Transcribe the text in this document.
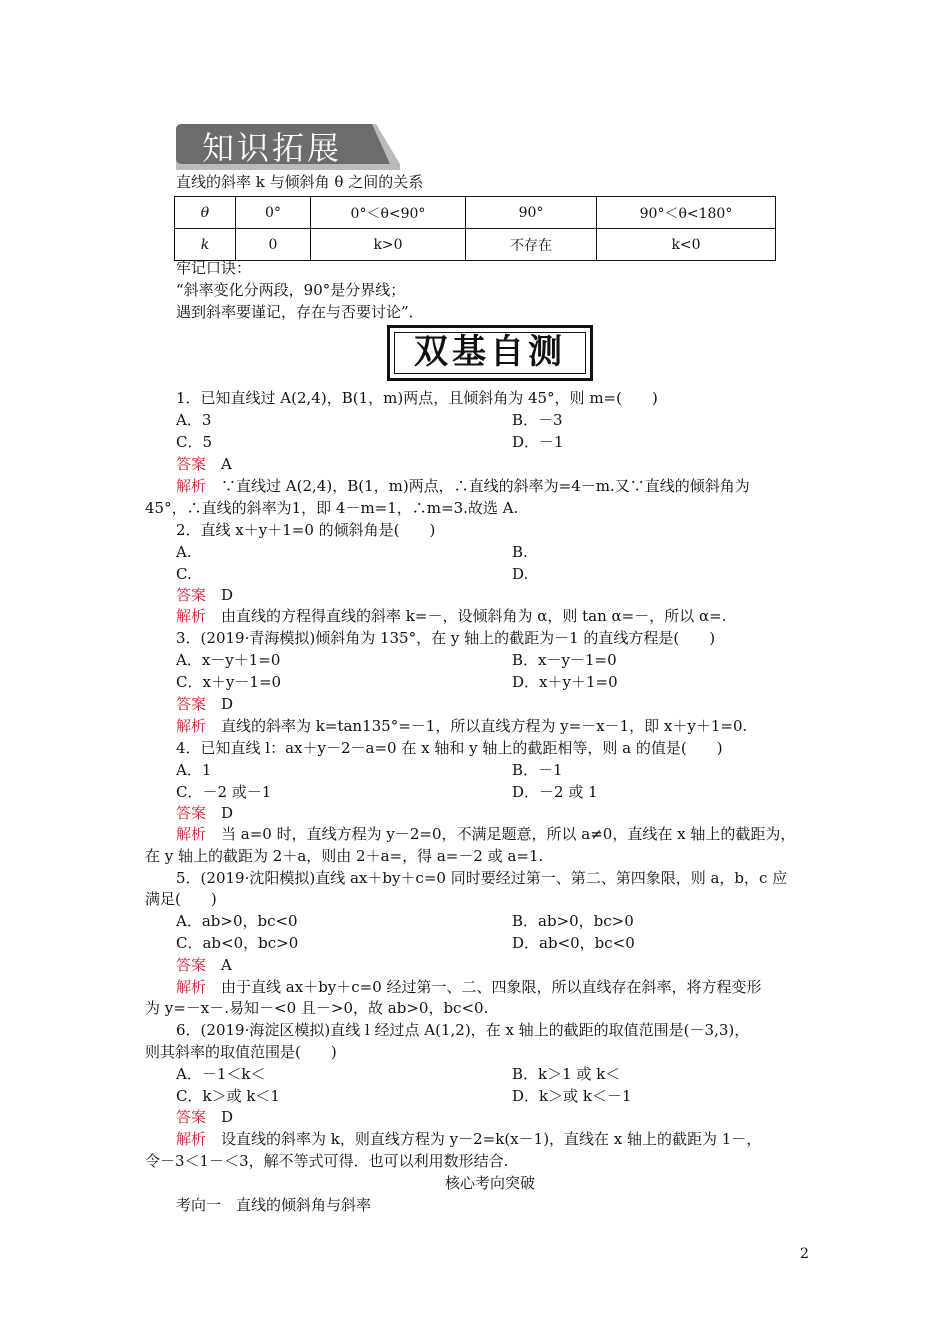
知识拓展
直线的斜率 k 与倾斜角 θ 之间的关系
θ	0°	0°＜θ<90°	90°	90°＜θ<180°
k	0	k>0	不存在	k<0
牢记口诀：
“斜率变化分两段，90°是分界线；
遇到斜率要谨记，存在与否要讨论”．
双基自测
1．已知直线过 A(2,4)，B(1，m)两点，且倾斜角为 45°，则 m=(　　)
A．3	B．－3
C．5	D．－1
答案　 A
解析　 ∵直线过 A(2,4)，B(1，m)两点，∴直线的斜率为=4－m.又∵直线的倾斜角为
45°，∴直线的斜率为1，即 4－m=1，∴m=3.故选 A.
2．直线 x＋y＋1=0 的倾斜角是(　　)
A.	B.
C.	D.
答案　 D
解析　 由直线的方程得直线的斜率 k=－，设倾斜角为 α，则 tan α=－，所以 α=.
3．(2019·青海模拟)倾斜角为 135°，在 y 轴上的截距为－1 的直线方程是(　　)
A．x－y＋1=0	B．x－y－1=0
C．x＋y－1=0	D．x＋y＋1=0
答案　 D
解析　 直线的斜率为 k=tan135°=－1，所以直线方程为 y=－x－1，即 x＋y＋1=0.
4．已知直线 l：ax＋y－2－a=0 在 x 轴和 y 轴上的截距相等，则 a 的值是(　　)
A．1	B．－1
C．－2 或－1	D．－2 或 1
答案　 D
解析　 当 a=0 时，直线方程为 y－2=0，不满足题意，所以 a≠0，直线在 x 轴上的截距为，
在 y 轴上的截距为 2＋a，则由 2＋a=，得 a=－2 或 a=1.
5．(2019·沈阳模拟)直线 ax＋by＋c=0 同时要经过第一、第二、第四象限，则 a，b，c 应
满足(　　)
A．ab>0，bc<0	B．ab>0，bc>0
C．ab<0，bc>0	D．ab<0，bc<0
答案　 A
解析　 由于直线 ax＋by＋c=0 经过第一、二、四象限，所以直线存在斜率，将方程变形
为 y=－x－.易知－<0 且－>0，故 ab>0，bc<0.
6．(2019·海淀区模拟)直线 l 经过点 A(1,2)，在 x 轴上的截距的取值范围是(－3,3)，
则其斜率的取值范围是(　　)
A．－1＜k＜	B．k＞1 或 k＜
C．k＞或 k＜1	D．k＞或 k＜－1
答案　 D
解析　 设直线的斜率为 k，则直线方程为 y－2=k(x－1)，直线在 x 轴上的截距为 1－，
令－3＜1－＜3，解不等式可得．也可以利用数形结合.
核心考向突破
考向一　直线的倾斜角与斜率
2
